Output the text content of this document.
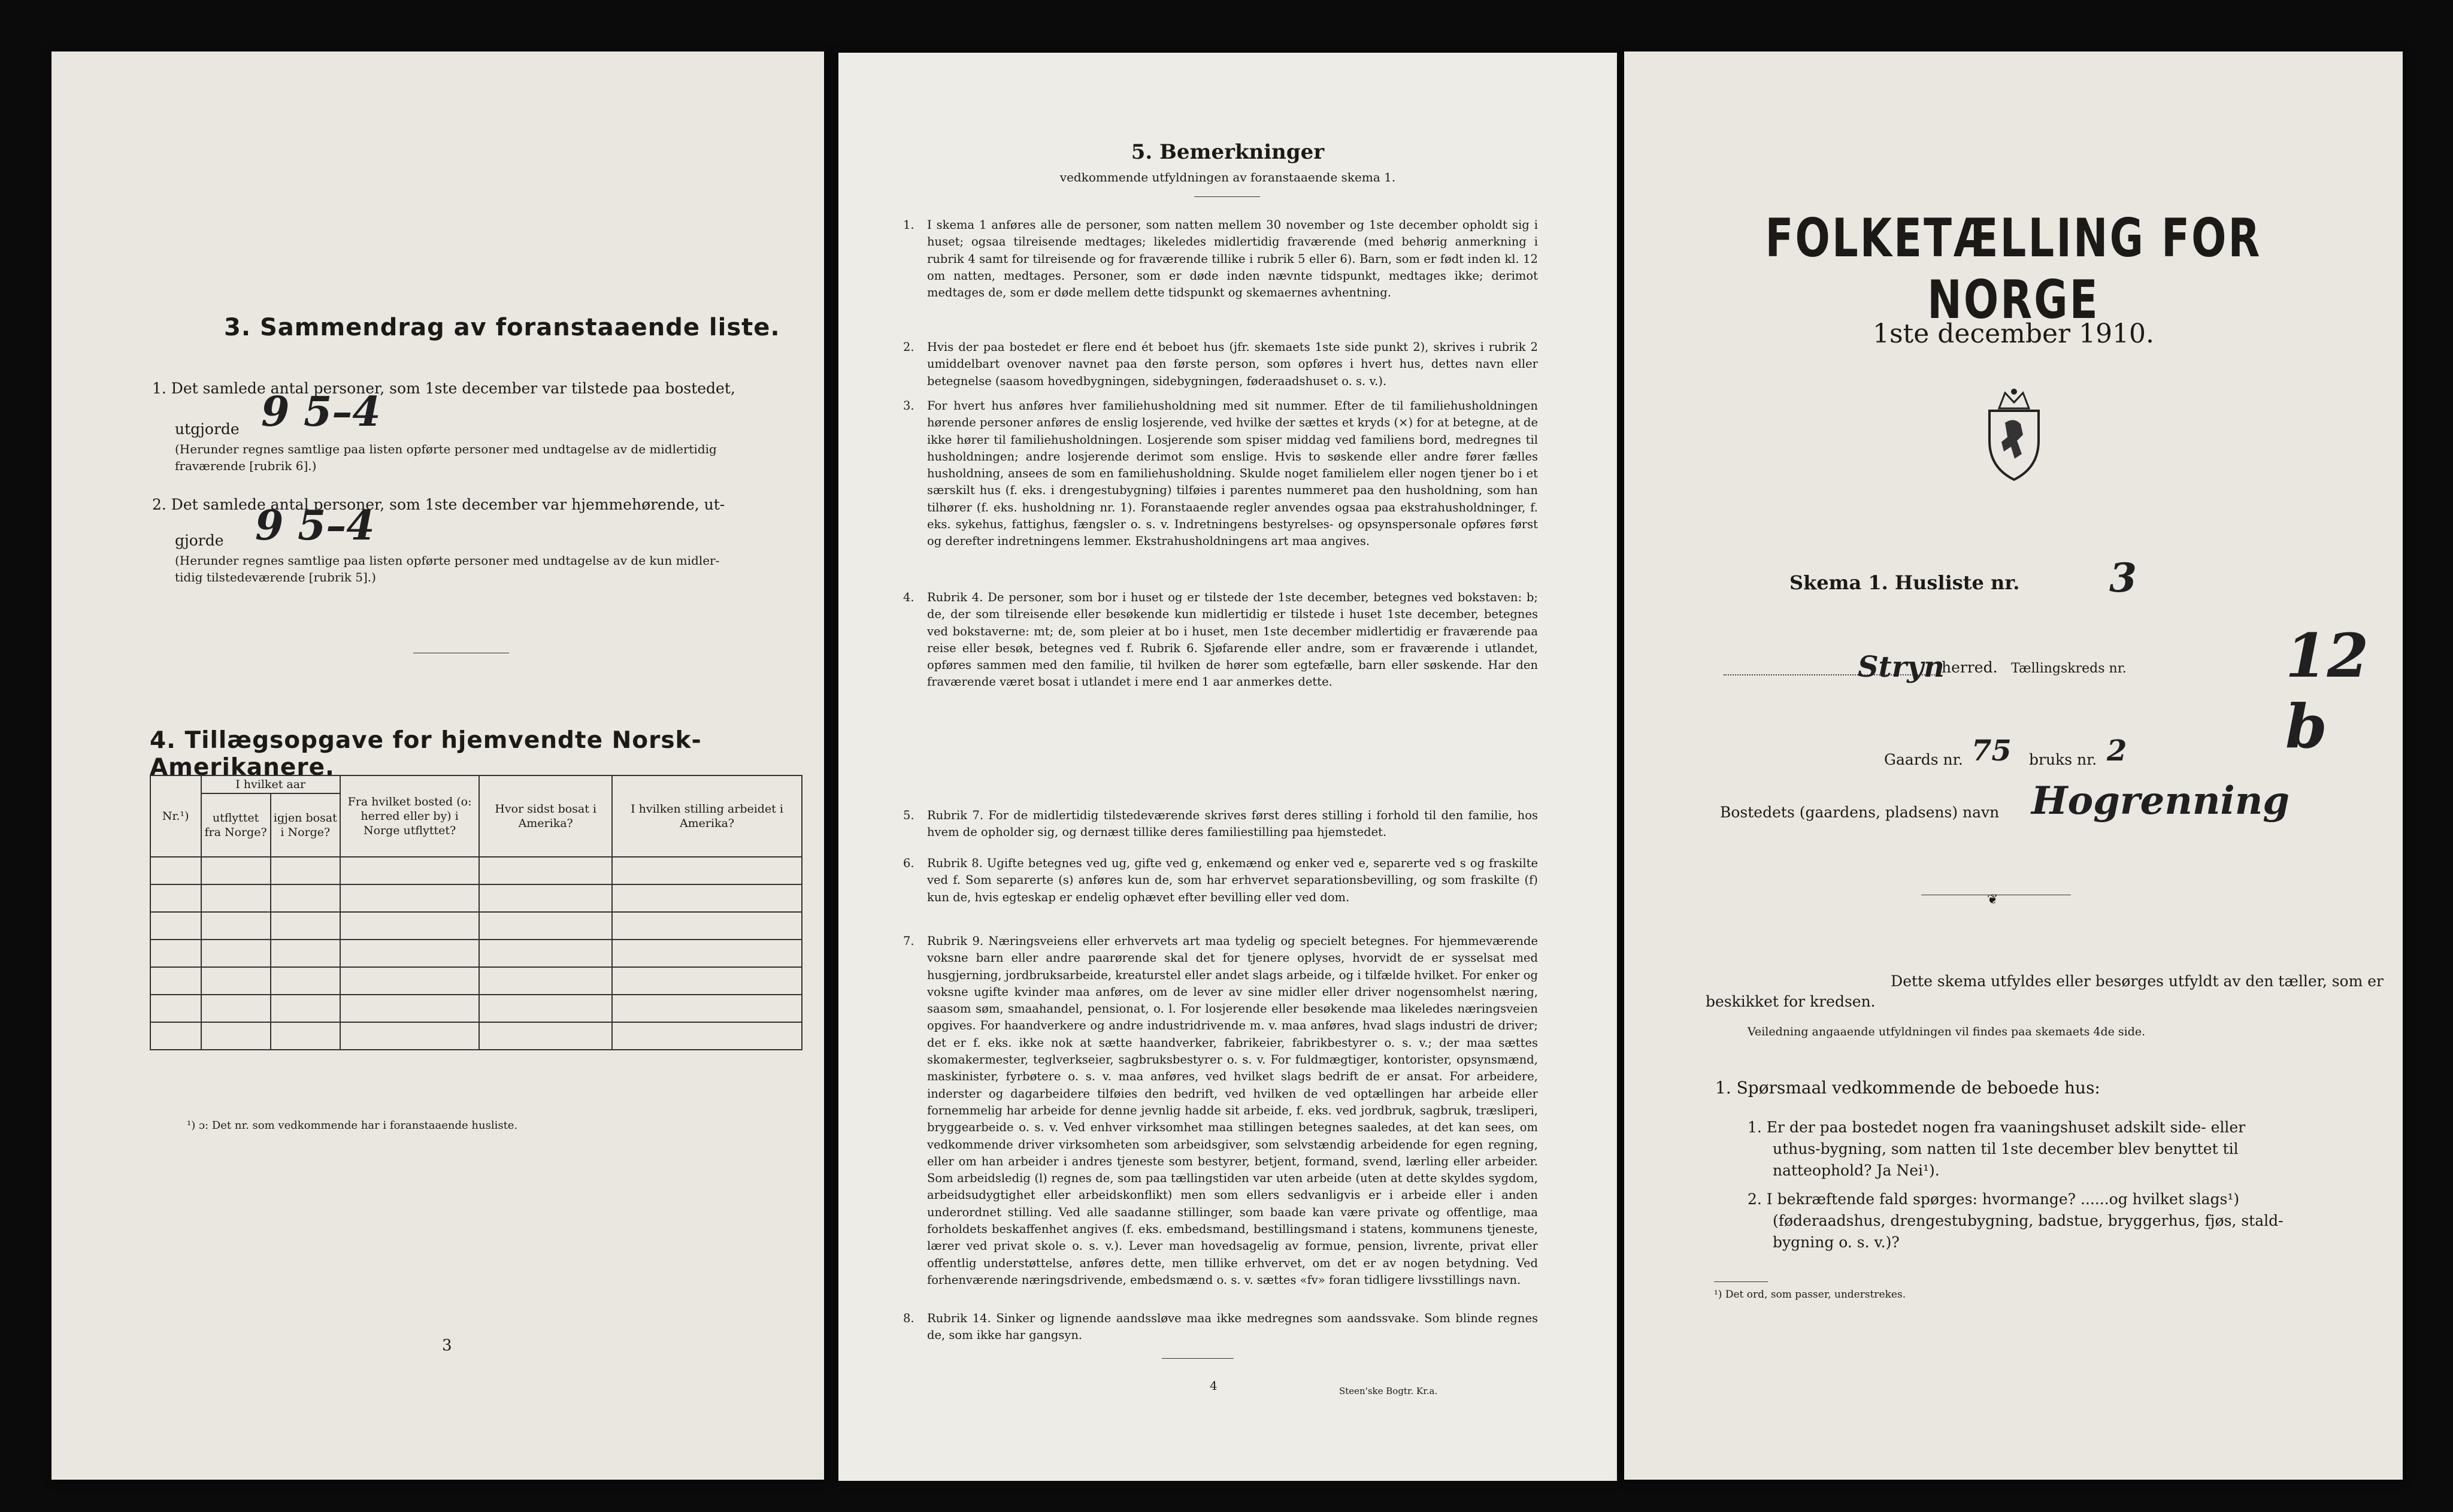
3. Sammendrag av foranstaaende liste.
1. Det samlede antal personer, som 1ste december var tilstede paa bostedet,
utgjorde 9 5–4
(Herunder regnes samtlige paa listen opførte personer med undtagelse av de midlertidig
fraværende [rubrik 6].)
2. Det samlede antal personer, som 1ste december var hjemmehørende, ut-
gjorde 9 5–4
(Herunder regnes samtlige paa listen opførte personer med undtagelse av de kun midler-
tidig tilstedeværende [rubrik 5].)
4. Tillægsopgave for hjemvendte Norsk-Amerikanere.
Nr.¹)	I hvilket aar		Fra hvilket bosted (o: herred eller by) i Norge utflyttet?	Hvor sidst bosat i Amerika?	I hvilken stilling arbeidet i Amerika?
	utflyttet fra Norge?	igjen bosat i Norge?			

¹) ɔ: Det nr. som vedkommende har i foranstaaende husliste.
3
5. Bemerkninger
vedkommende utfyldningen av foranstaaende skema 1.
1. I skema 1 anføres alle de personer, som natten mellem 30 november og 1ste december opholdt sig i huset; ogsaa tilreisende medtages; likeledes midlertidig fraværende (med behørig anmerkning i rubrik 4 samt for tilreisende og for fraværende tillike i rubrik 5 eller 6). Barn, som er født inden kl. 12 om natten, medtages. Personer, som er døde inden nævnte tidspunkt, medtages ikke; derimot medtages de, som er døde mellem dette tidspunkt og skemaernes avhentning.
2. Hvis der paa bostedet er flere end ét beboet hus (jfr. skemaets 1ste side punkt 2), skrives i rubrik 2 umiddelbart ovenover navnet paa den første person, som opføres i hvert hus, dettes navn eller betegnelse (saasom hovedbygningen, sidebygningen, føderaadshuset o. s. v.).
3. For hvert hus anføres hver familiehusholdning med sit nummer. Efter de til familiehusholdningen hørende personer anføres de enslig losjerende, ved hvilke der sættes et kryds (×) for at betegne, at de ikke hører til familiehusholdningen. Losjerende som spiser middag ved familiens bord, medregnes til husholdningen; andre losjerende derimot som enslige. Hvis to søskende eller andre fører fælles husholdning, ansees de som en familiehusholdning. Skulde noget familielem eller nogen tjener bo i et særskilt hus (f. eks. i drengestubygning) tilføies i parentes nummeret paa den husholdning, som han tilhører (f. eks. husholdning nr. 1). Foranstaaende regler anvendes ogsaa paa ekstrahusholdninger, f. eks. sykehus, fattighus, fængsler o. s. v. Indretningens bestyrelses- og opsynspersonale opføres først og derefter indretningens lemmer. Ekstrahusholdningens art maa angives.
4. Rubrik 4. De personer, som bor i huset og er tilstede der 1ste december, betegnes ved bokstaven: b; de, der som tilreisende eller besøkende kun midlertidig er tilstede i huset 1ste december, betegnes ved bokstaverne: mt; de, som pleier at bo i huset, men 1ste december midlertidig er fraværende paa reise eller besøk, betegnes ved f. Rubrik 6. Sjøfarende eller andre, som er fraværende i utlandet, opføres sammen med den familie, til hvilken de hører som egtefælle, barn eller søskende. Har den fraværende været bosat i utlandet i mere end 1 aar anmerkes dette.
5. Rubrik 7. For de midlertidig tilstedeværende skrives først deres stilling i forhold til den familie, hos hvem de opholder sig, og dernæst tillike deres familiestilling paa hjemstedet.
6. Rubrik 8. Ugifte betegnes ved ug, gifte ved g, enkemænd og enker ved e, separerte ved s og fraskilte ved f. Som separerte (s) anføres kun de, som har erhvervet separationsbevilling, og som fraskilte (f) kun de, hvis egteskap er endelig ophævet efter bevilling eller ved dom.
7. Rubrik 9. Næringsveiens eller erhvervets art maa tydelig og specielt betegnes. For hjemmeværende voksne barn eller andre paarørende skal det for tjenere oplyses, hvorvidt de er sysselsat med husgjerning, jordbruksarbeide, kreaturstel eller andet slags arbeide, og i tilfælde hvilket. For enker og voksne ugifte kvinder maa anføres, om de lever av sine midler eller driver nogensomhelst næring, saasom søm, smaahandel, pensionat, o. l. For losjerende eller besøkende maa likeledes næringsveien opgives. For haandverkere og andre industridrivende m. v. maa anføres, hvad slags industri de driver; det er f. eks. ikke nok at sætte haandverker, fabrikeier, fabrikbestyrer o. s. v.; der maa sættes skomakermester, teglverkseier, sagbruksbestyrer o. s. v. For fuldmægtiger, kontorister, opsynsmænd, maskinister, fyrbøtere o. s. v. maa anføres, ved hvilket slags bedrift de er ansat. For arbeidere, inderster og dagarbeidere tilføies den bedrift, ved hvilken de ved optællingen har arbeide eller fornemmelig har arbeide for denne jevnlig hadde sit arbeide, f. eks. ved jordbruk, sagbruk, træsliperi, bryggearbeide o. s. v. Ved enhver virksomhet maa stillingen betegnes saaledes, at det kan sees, om vedkommende driver virksomheten som arbeidsgiver, som selvstændig arbeidende for egen regning, eller om han arbeider i andres tjeneste som bestyrer, betjent, formand, svend, lærling eller arbeider. Som arbeidsledig (l) regnes de, som paa tællingstiden var uten arbeide (uten at dette skyldes sygdom, arbeidsudygtighet eller arbeidskonflikt) men som ellers sedvanligvis er i arbeide eller i anden underordnet stilling. Ved alle saadanne stillinger, som baade kan være private og offentlige, maa forholdets beskaffenhet angives (f. eks. embedsmand, bestillingsmand i statens, kommunens tjeneste, lærer ved privat skole o. s. v.). Lever man hovedsagelig av formue, pension, livrente, privat eller offentlig understøttelse, anføres dette, men tillike erhvervet, om det er av nogen betydning. Ved forhenværende næringsdrivende, embedsmænd o. s. v. sættes «fv» foran tidligere livsstillings navn.
8. Rubrik 14. Sinker og lignende aandssløve maa ikke medregnes som aandssvake. Som blinde regnes de, som ikke har gangsyn.
4	Steen'ske Bogtr. Kr.a.
FOLKETÆLLING FOR NORGE
1ste december 1910.
Skema 1. Husliste nr. 3
Stryn
herred. Tællingskreds nr.	12 b
Gaards nr. 75 bruks nr. 2
Bostedets (gaardens, pladsens) navn Hogrenning
❦
Dette skema utfyldes eller besørges utfyldt av den tæller, som er
beskikket for kredsen.
Veiledning angaaende utfyldningen vil findes paa skemaets 4de side.
1. Spørsmaal vedkommende de beboede hus:
1. Er der paa bostedet nogen fra vaaningshuset adskilt side- eller
uthus-bygning, som natten til 1ste december blev benyttet til
natteophold? Ja Nei¹).
2. I bekræftende fald spørges: hvormange? ......og hvilket slags¹)
(føderaadshus, drengestubygning, badstue, bryggerhus, fjøs, stald-
bygning o. s. v.)?
¹) Det ord, som passer, understrekes.
